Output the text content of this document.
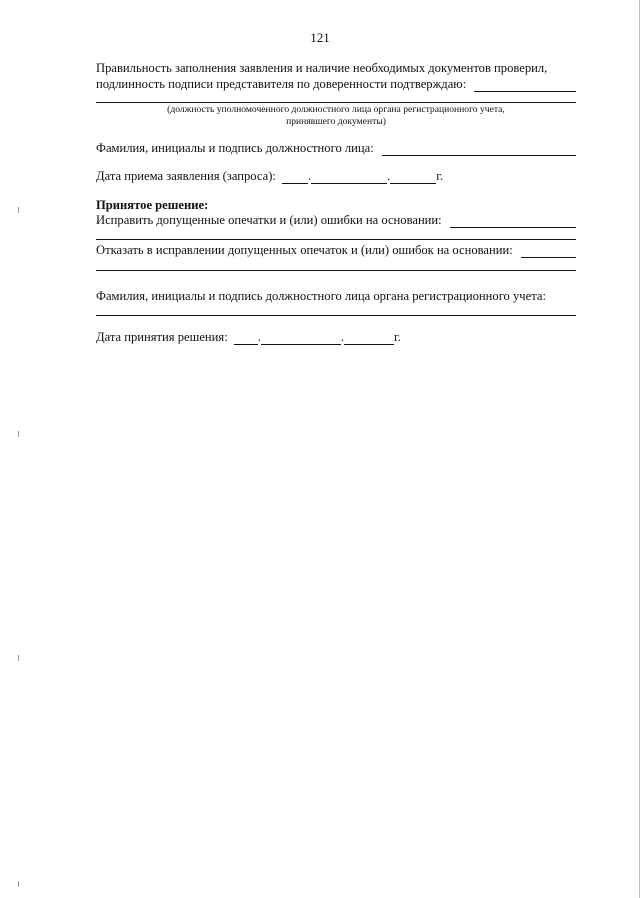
121
Правильность заполнения заявления и наличие необходимых документов проверил,
подлинность подписи представителя по доверенности подтверждаю:
(должность уполномоченного должностного лица органа регистрационного учета,
принявшего документы)
Фамилия, инициалы и подпись должностного лица:
Дата приема заявления (запроса):	.	.	г.
Принятое решение:
Исправить допущенные опечатки и (или) ошибки на основании:
Отказать в исправлении допущенных опечаток и (или) ошибок на основании:
Фамилия, инициалы и подпись должностного лица органа регистрационного учета:
Дата принятия решения: .	.	г.
